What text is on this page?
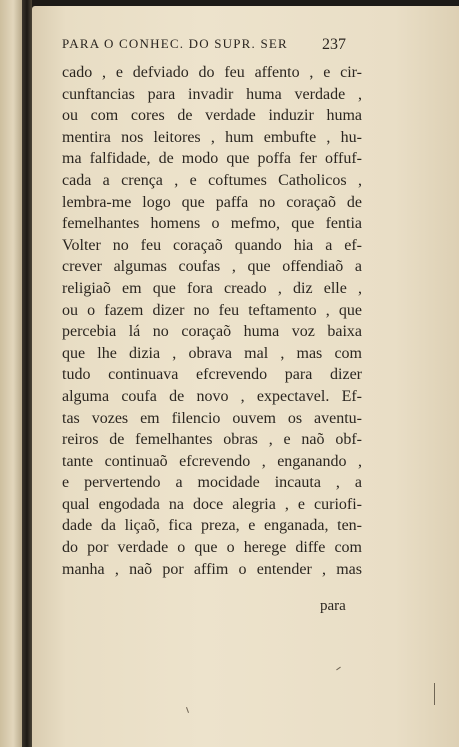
PARA O CONHEC. DO SUPR. SER	237
cado , e defviado do feu affento , e cir-
cunftancias para invadir huma verdade ,
ou com cores de verdade induzir huma
mentira nos leitores , hum embufte , hu-
ma falfidade, de modo que poffa fer offuf-
cada a crença , e coftumes Catholicos ,
lembra-me logo que paffa no coraçaõ de
femelhantes homens o mefmo, que fentia
Volter no feu coraçaõ quando hia a ef-
crever algumas coufas , que offendiaõ a
religiaõ em que fora creado , diz elle ,
ou o fazem dizer no feu teftamento , que
percebia lá no coraçaõ huma voz baixa
que lhe dizia , obrava mal , mas com
tudo continuava efcrevendo para dizer
alguma coufa de novo , expectavel. Ef-
tas vozes em filencio ouvem os aventu-
reiros de femelhantes obras , e naõ obf-
tante continuaõ efcrevendo , enganando ,
e pervertendo a mocidade incauta , a
qual engodada na doce alegria , e curiofi-
dade da liçaõ, fica preza, e enganada, ten-
do por verdade o que o herege diffe com
manha , naõ por affim o entender , mas
para
